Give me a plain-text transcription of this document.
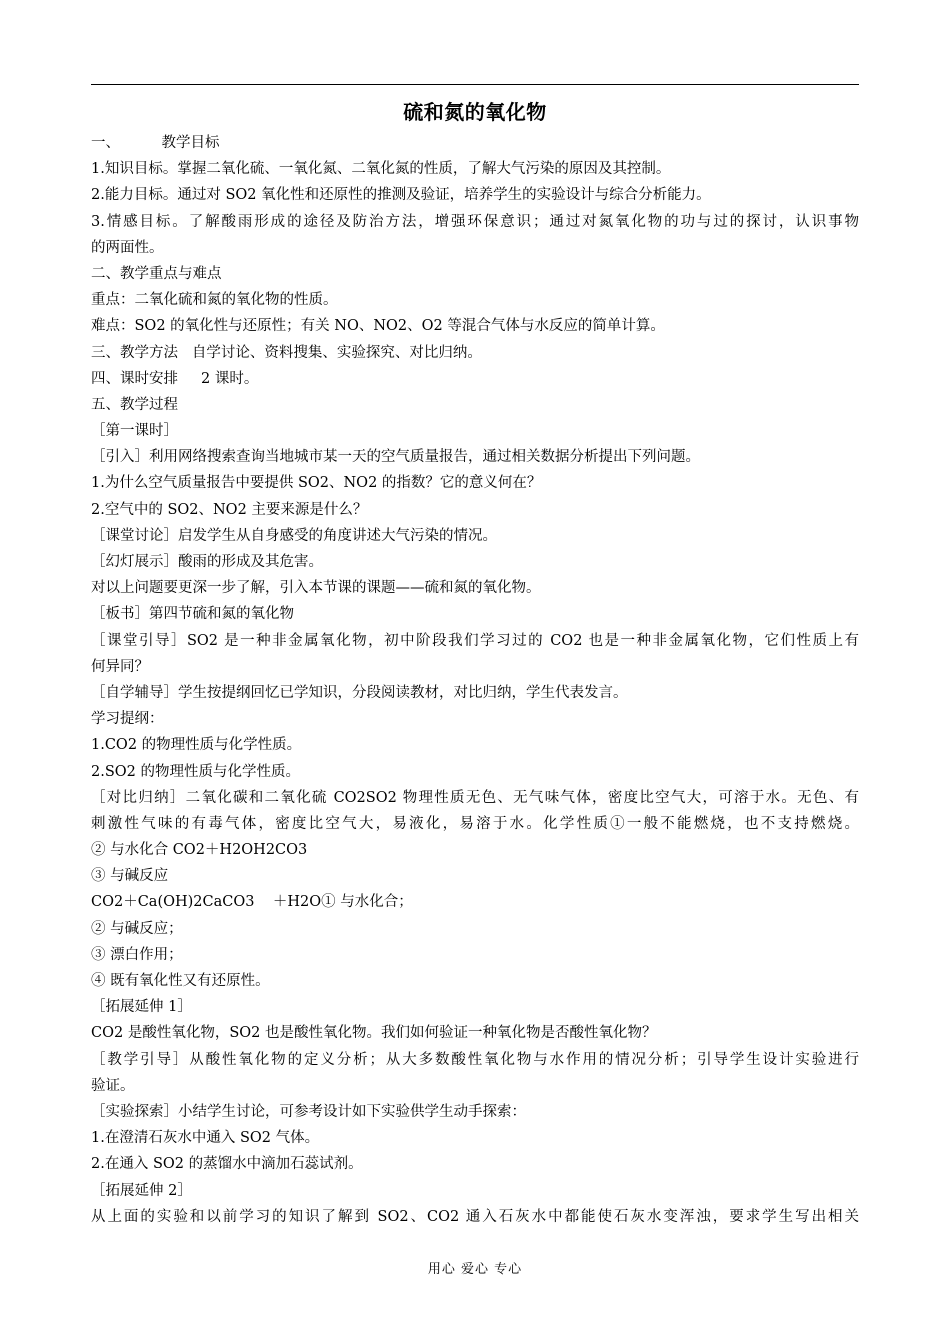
硫和氮的氧化物
一、         教学目标
1.知识目标。掌握二氧化硫、一氧化氮、二氧化氮的性质，了解大气污染的原因及其控制。
2.能力目标。通过对 SO2 氧化性和还原性的推测及验证，培养学生的实验设计与综合分析能力。
3.情感目标。了解酸雨形成的途径及防治方法，增强环保意识；通过对氮氧化物的功与过的探讨，认识事物
的两面性。
二、教学重点与难点
重点：二氧化硫和氮的氧化物的性质。
难点：SO2 的氧化性与还原性；有关 NO、NO2、O2 等混合气体与水反应的简单计算。
三、教学方法   自学讨论、资料搜集、实验探究、对比归纳。
四、课时安排     2 课时。
五、教学过程
［第一课时］
［引入］利用网络搜索查询当地城市某一天的空气质量报告，通过相关数据分析提出下列问题。
1.为什么空气质量报告中要提供 SO2、NO2 的指数？它的意义何在？
2.空气中的 SO2、NO2 主要来源是什么？
［课堂讨论］启发学生从自身感受的角度讲述大气污染的情况。
［幻灯展示］酸雨的形成及其危害。
对以上问题要更深一步了解，引入本节课的课题——硫和氮的氧化物。
［板书］第四节硫和氮的氧化物
［课堂引导］SO2 是一种非金属氧化物，初中阶段我们学习过的 CO2 也是一种非金属氧化物，它们性质上有
何异同？
［自学辅导］学生按提纲回忆已学知识，分段阅读教材，对比归纳，学生代表发言。
学习提纲：
1.CO2 的物理性质与化学性质。
2.SO2 的物理性质与化学性质。
［对比归纳］二氧化碳和二氧化硫 CO2SO2 物理性质无色、无气味气体，密度比空气大，可溶于水。无色、有
刺激性气味的有毒气体，密度比空气大，易液化，易溶于水。化学性质①一般不能燃烧，也不支持燃烧。
② 与水化合 CO2＋H2OH2CO3
③ 与碱反应
CO2＋Ca(OH)2CaCO3    ＋H2O① 与水化合；
② 与碱反应；
③ 漂白作用；
④ 既有氧化性又有还原性。
［拓展延伸 1］
CO2 是酸性氧化物，SO2 也是酸性氧化物。我们如何验证一种氧化物是否酸性氧化物？
［教学引导］从酸性氧化物的定义分析；从大多数酸性氧化物与水作用的情况分析；引导学生设计实验进行
验证。
［实验探索］小结学生讨论，可参考设计如下实验供学生动手探索：
1.在澄清石灰水中通入 SO2 气体。
2.在通入 SO2 的蒸馏水中滴加石蕊试剂。
［拓展延伸 2］
从上面的实验和以前学习的知识了解到 SO2、CO2 通入石灰水中都能使石灰水变浑浊，要求学生写出相关
用心 爱心 专心
